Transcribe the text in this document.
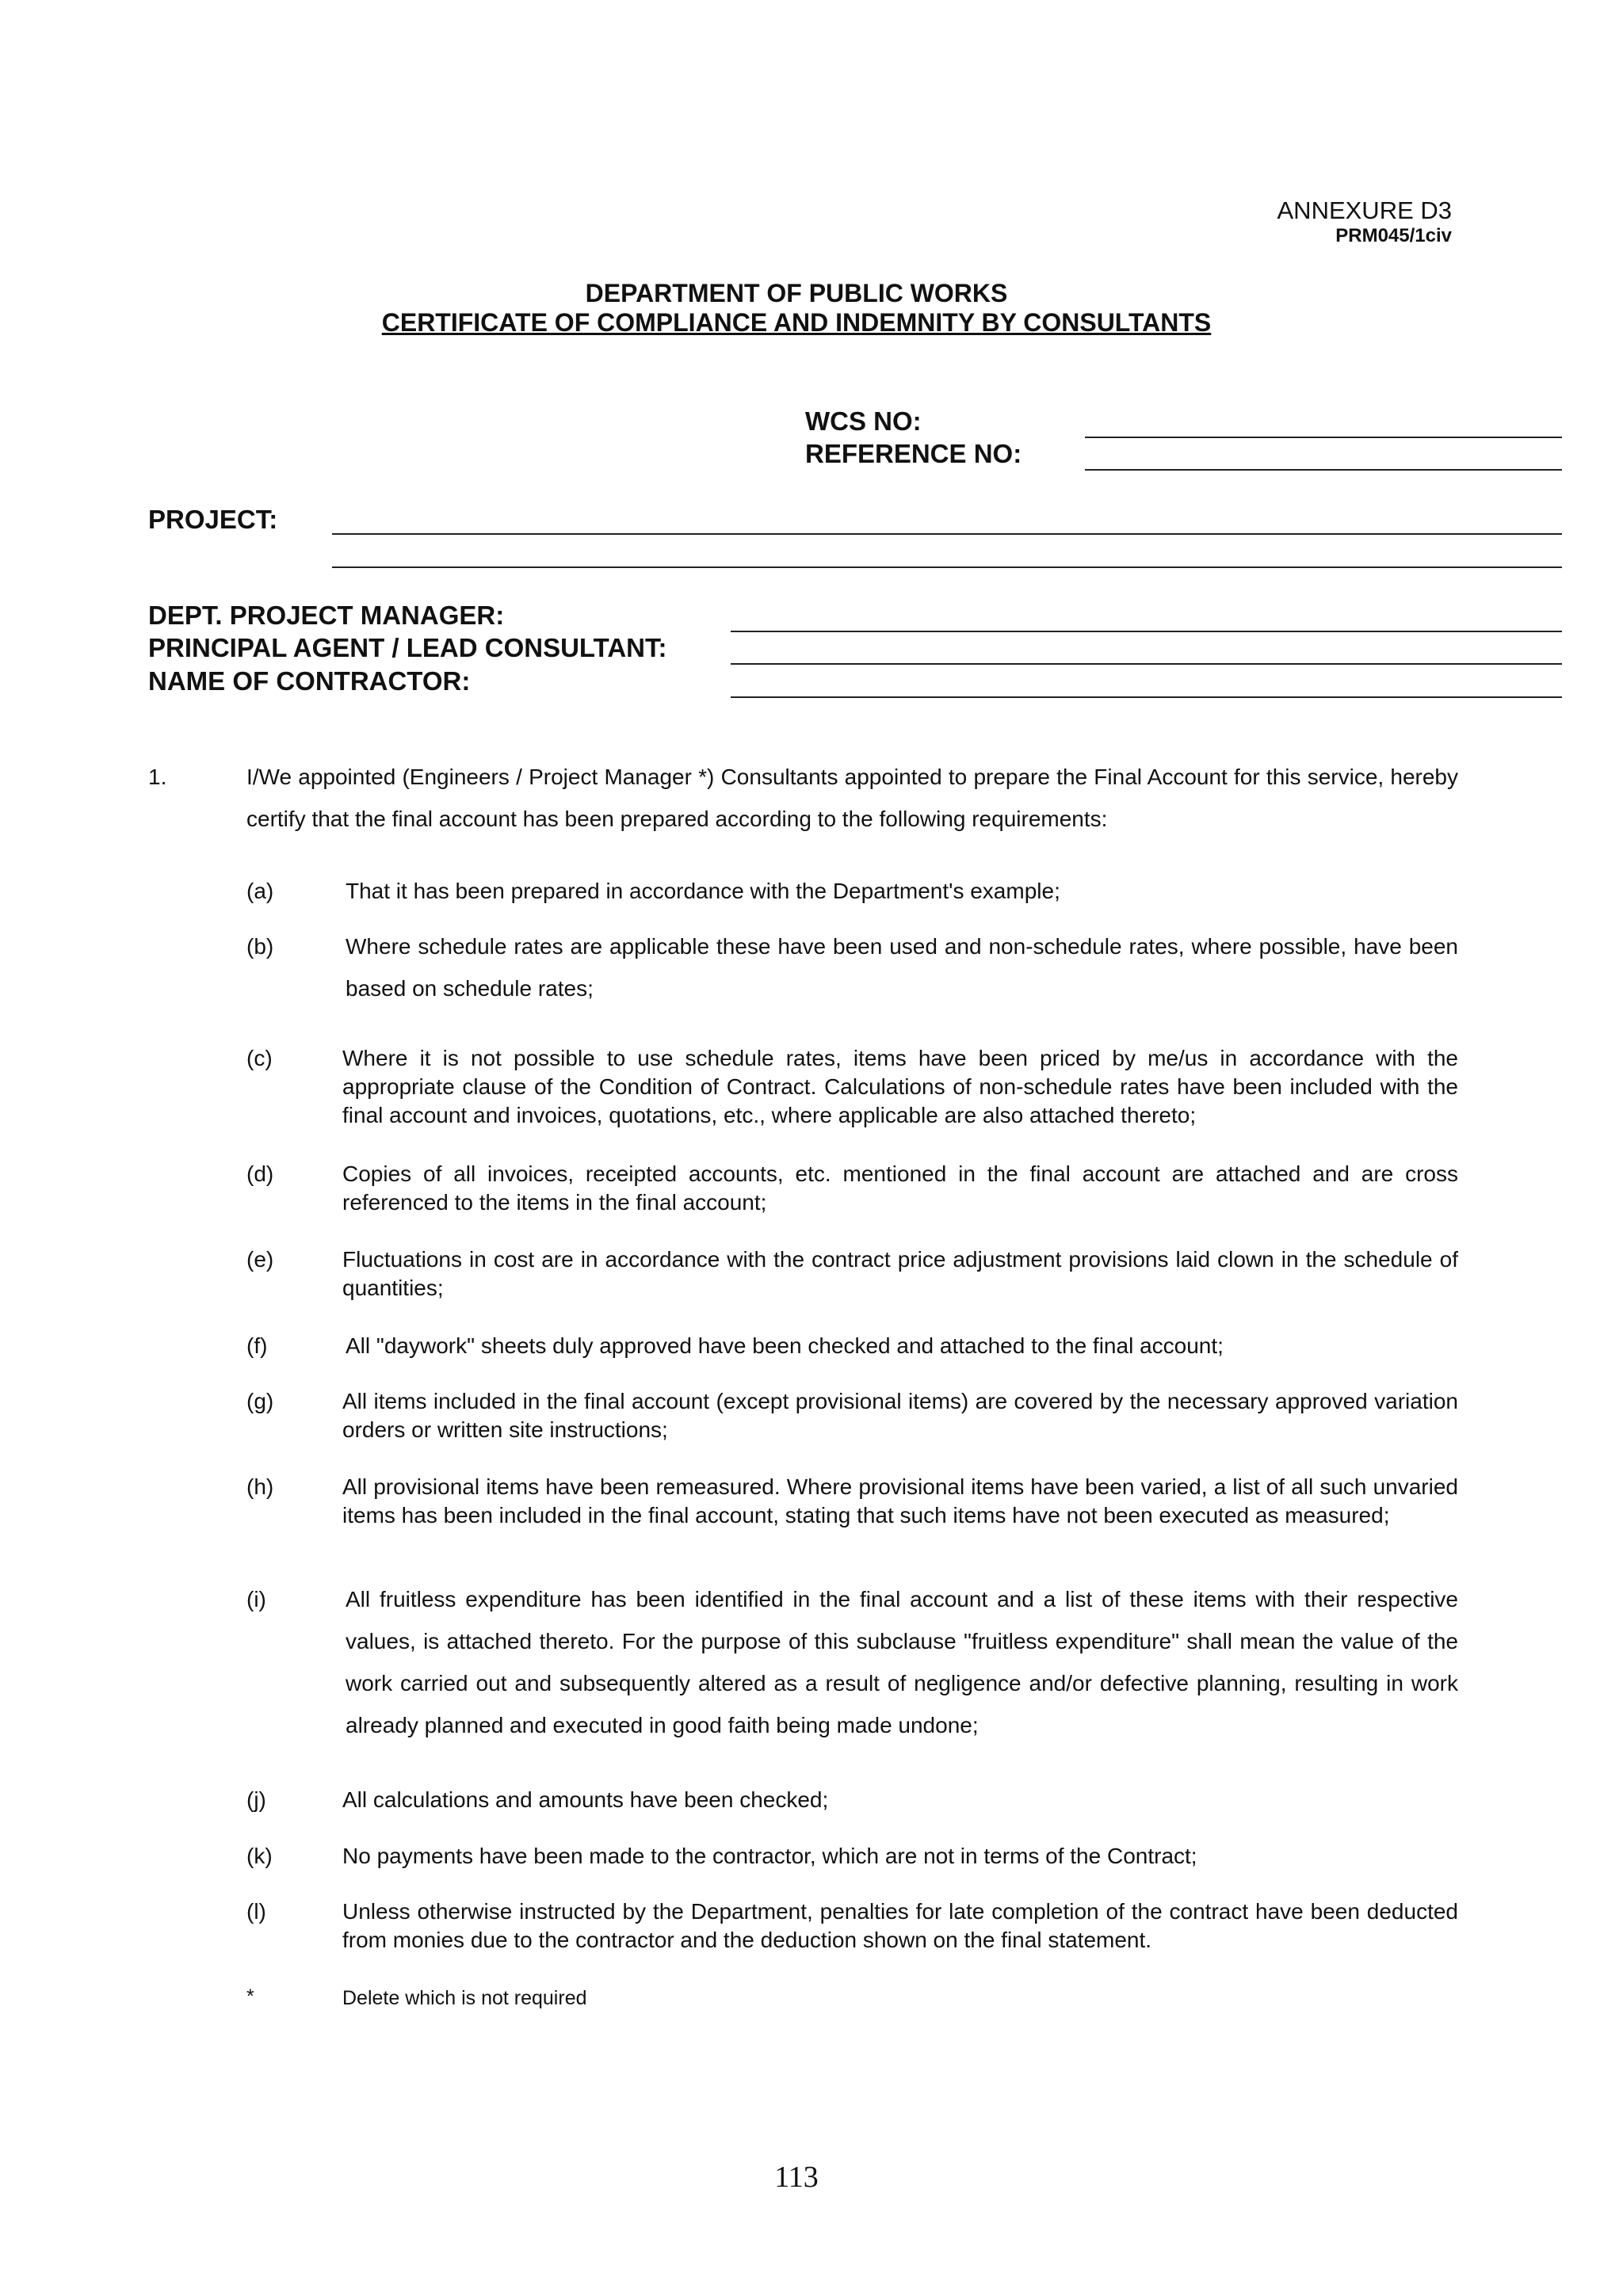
ANNEXURE D3
PRM045/1civ
DEPARTMENT OF PUBLIC WORKS
CERTIFICATE OF COMPLIANCE AND INDEMNITY BY CONSULTANTS
WCS NO:
REFERENCE NO:
PROJECT:
DEPT. PROJECT MANAGER:
PRINCIPAL AGENT / LEAD CONSULTANT:
NAME OF CONTRACTOR:
1.	I/We appointed (Engineers / Project Manager *) Consultants appointed to prepare the Final Account for this service, hereby certify that the final account has been prepared according to the following requirements:
(a)	That it has been prepared in accordance with the Department's example;
(b)	Where schedule rates are applicable these have been used and non-schedule rates, where possible, have been based on schedule rates;
(c)	Where it is not possible to use schedule rates, items have been priced by me/us in accordance with the appropriate clause of the Condition of Contract. Calculations of non-schedule rates have been included with the final account and invoices, quotations, etc., where applicable are also attached thereto;
(d)	Copies of all invoices, receipted accounts, etc. mentioned in the final account are attached and are cross referenced to the items in the final account;
(e)	Fluctuations in cost are in accordance with the contract price adjustment provisions laid clown in the schedule of quantities;
(f)	All "daywork" sheets duly approved have been checked and attached to the final account;
(g)	All items included in the final account (except provisional items) are covered by the necessary approved variation orders or written site instructions;
(h)	All provisional items have been remeasured. Where provisional items have been varied, a list of all such unvaried items has been included in the final account, stating that such items have not been executed as measured;
(i)	All fruitless expenditure has been identified in the final account and a list of these items with their respective values, is attached thereto. For the purpose of this subclause "fruitless expenditure" shall mean the value of the work carried out and subsequently altered as a result of negligence and/or defective planning, resulting in work already planned and executed in good faith being made undone;
(j)	All calculations and amounts have been checked;
(k)	No payments have been made to the contractor, which are not in terms of the Contract;
(l)	Unless otherwise instructed by the Department, penalties for late completion of the contract have been deducted from monies due to the contractor and the deduction shown on the final statement.
*	Delete which is not required
113
